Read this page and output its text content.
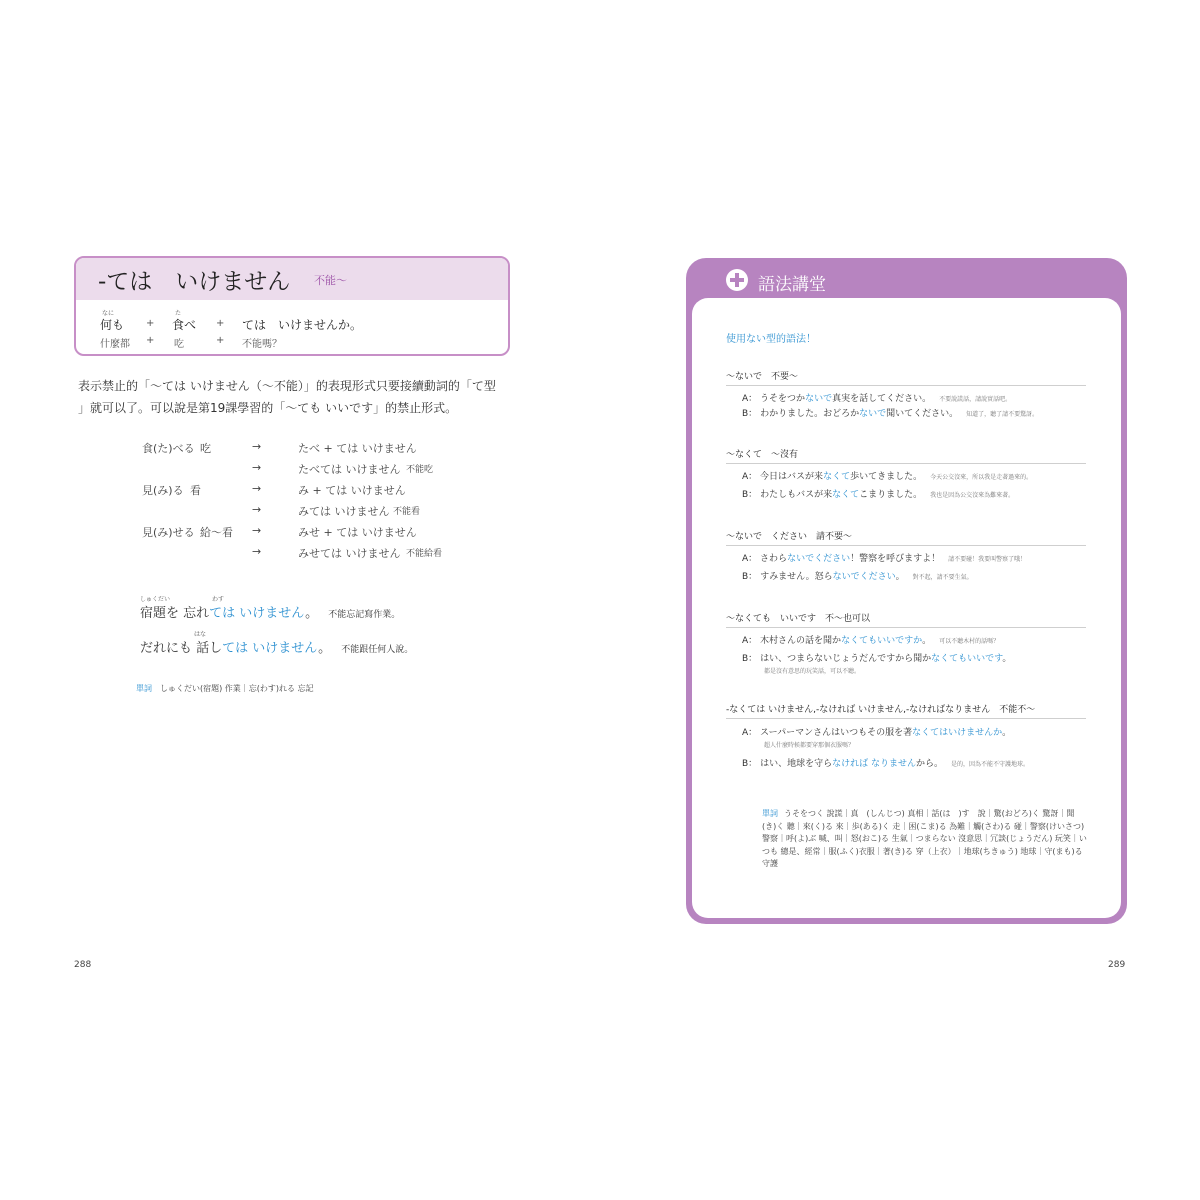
-ては　いけません 不能～
なに
何も +
た
食べ + ては　いけませんか。
什麼都 + 吃	+ 不能嗎？
表示禁止的「～ては いけません（～不能）」的表現形式只要接續動詞的「て型
」就可以了。可以說是第19課學習的「～ても いいです」的禁止形式。
食(た)べる 吃	→	たべ + ては いけません
→	たべては いけません 不能吃
見(み)る 看	→	み + ては いけません
→	みては いけません 不能看
見(み)せる 給～看 →	みせ + ては いけません
→	みせては いけません 不能給看
しゅくだい	わす
宿題を 忘れては いけません。 不能忘記寫作業。
はな
だれにも 話しては いけません。 不能跟任何人說。
單詞 しゅくだい(宿題) 作業｜忘(わす)れる 忘記
288
語法講堂
使用ない型的語法！
～ないで　不要～
A： うそをつかないで真実を話してください。 不要說謊話，請說實話吧。
B： わかりました。おどろかないで聞いてください。 知道了，聽了請不要驚訝。
～なくて　～沒有
A： 今日はバスが来なくて歩いてきました。 今天公交沒來，所以我是走著過來的。
B： わたしもバスが来なくてこまりました。 我也是因為公交沒來為難來著。
～ないで　ください　請不要～
A： さわらないでください！警察を呼びますよ！ 請不要碰！我要叫警察了哦！
B： すみません。怒らないでください。 對不起，請不要生氣。
～なくても　いいです　不～也可以
A： 木村さんの話を聞かなくてもいいですか。 可以不聽木村的話嗎？
B： はい、つまらないじょうだんですから聞かなくてもいいです。
都是沒有意思的玩笑話，可以不聽。
-なくては いけません,-なければ いけません,-なければなりません　不能不～
A： スーパーマンさんはいつもその服を著なくてはいけませんか。
超人什麼時候都要穿那個衣服嗎？
B： はい、地球を守らなければ なりませんから。 是的，因為不能不守護地球。
單詞 うそをつく 說謊｜真　(しんじつ) 真相｜話(は　)す　說｜驚(おどろ)く 驚訝｜聞(き)く 聽｜來(く)る 來｜歩(ある)く 走｜困(こま)る 為難｜觸(さわ)る 碰｜警察(けいさつ) 警察｜呼(よ)ぶ 喊、叫｜怒(おこ)る 生氣｜つまらない 沒意思｜冗談(じょうだん) 玩笑｜いつも 總是、經常｜服(ふく)衣服｜著(き)る 穿（上衣）｜地球(ちきゅう) 地球｜守(まも)る 守護
289
